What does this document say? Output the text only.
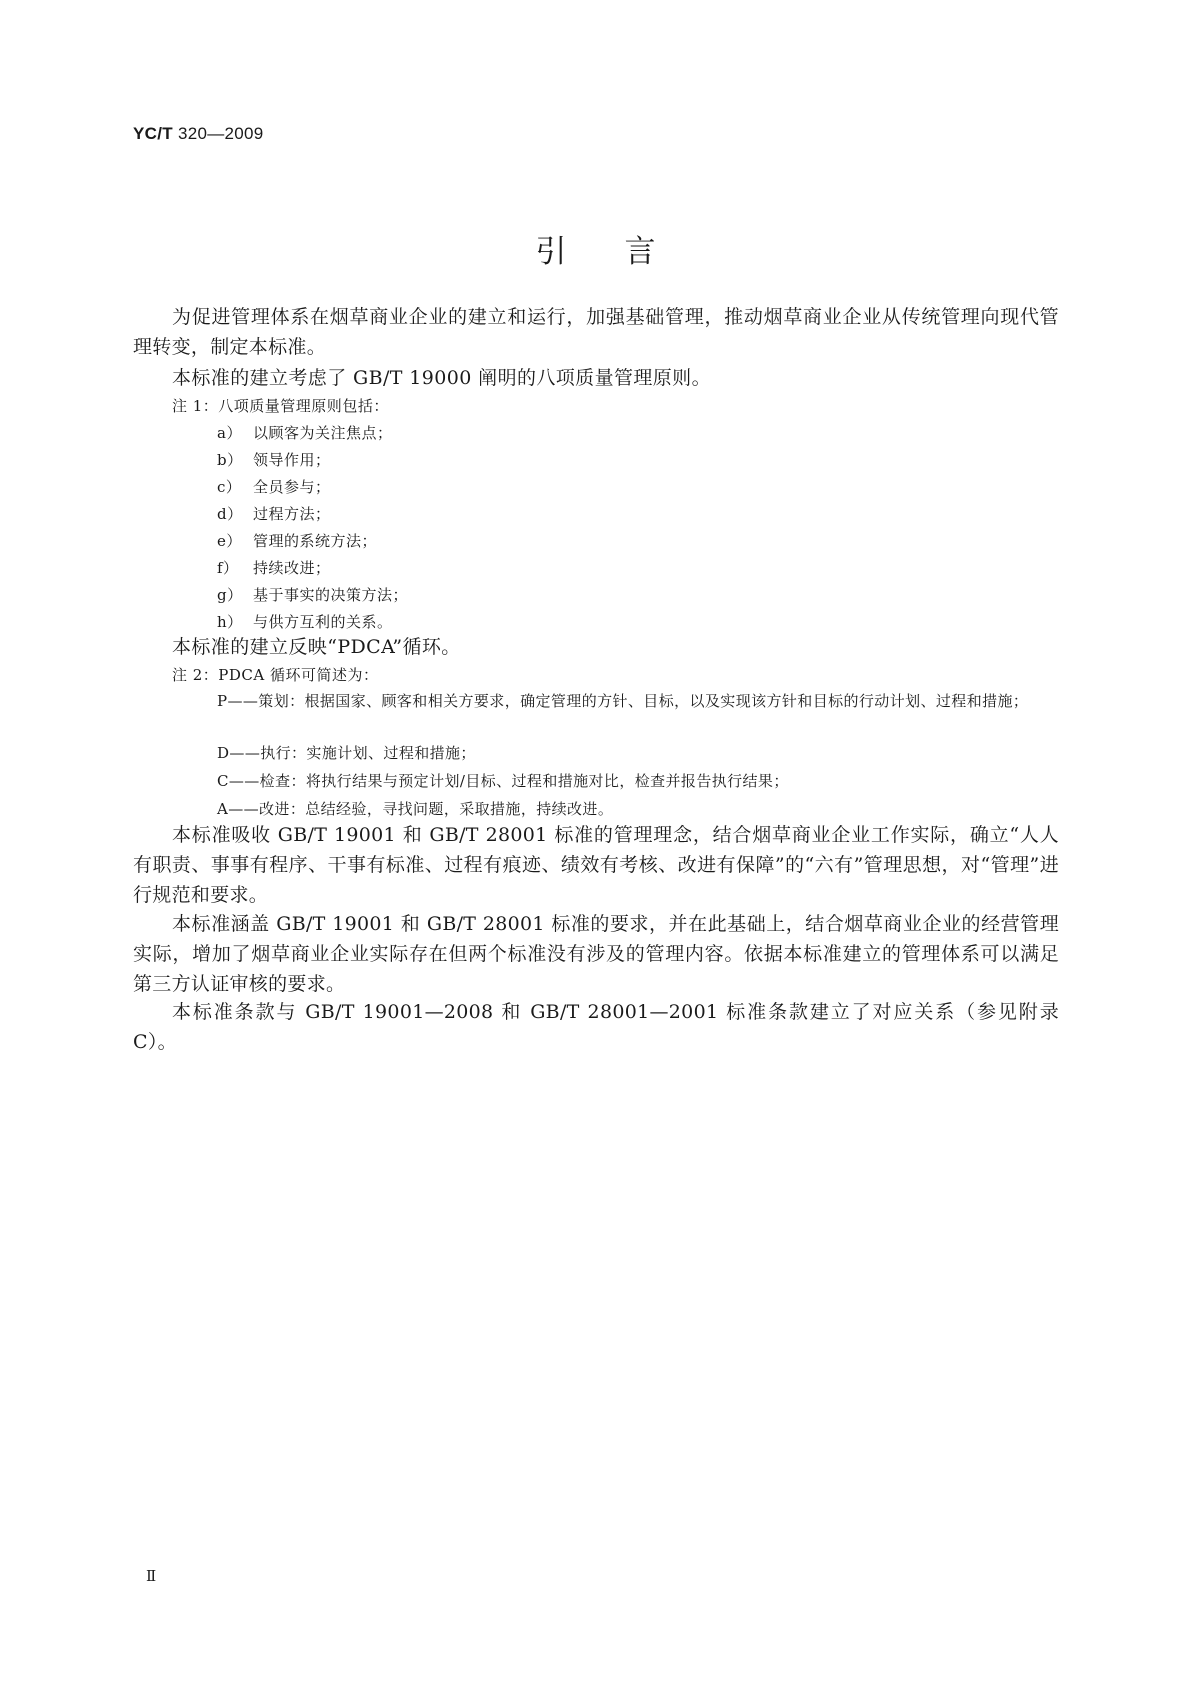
YC/T 320—2009
引言

为促进管理体系在烟草商业企业的建立和运行，加强基础管理，推动烟草商业企业从传统管理向现代管理转变，制定本标准。

本标准的建立考虑了 GB/T 19000 阐明的八项质量管理原则。
注 1：八项质量管理原则包括：
a） 以顾客为关注焦点；
b） 领导作用；
c） 全员参与；
d） 过程方法；
e） 管理的系统方法；
f） 持续改进；
g） 基于事实的决策方法；
h） 与供方互利的关系。
本标准的建立反映“PDCA”循环。
注 2：PDCA 循环可简述为：

P——策划：根据国家、顾客和相关方要求，确定管理的方针、目标，以及实现该方针和目标的行动计划、过程和措施；

D——执行：实施计划、过程和措施；

C——检查：将执行结果与预定计划/目标、过程和措施对比，检查并报告执行结果；

A——改进：总结经验，寻找问题，采取措施，持续改进。

本标准吸收 GB/T 19001 和 GB/T 28001 标准的管理理念，结合烟草商业企业工作实际，确立“人人有职责、事事有程序、干事有标准、过程有痕迹、绩效有考核、改进有保障”的“六有”管理思想，对“管理”进行规范和要求。

本标准涵盖 GB/T 19001 和 GB/T 28001 标准的要求，并在此基础上，结合烟草商业企业的经营管理实际，增加了烟草商业企业实际存在但两个标准没有涉及的管理内容。依据本标准建立的管理体系可以满足第三方认证审核的要求。

本标准条款与 GB/T 19001—2008 和 GB/T 28001—2001 标准条款建立了对应关系（参见附录 C）。

Ⅱ
